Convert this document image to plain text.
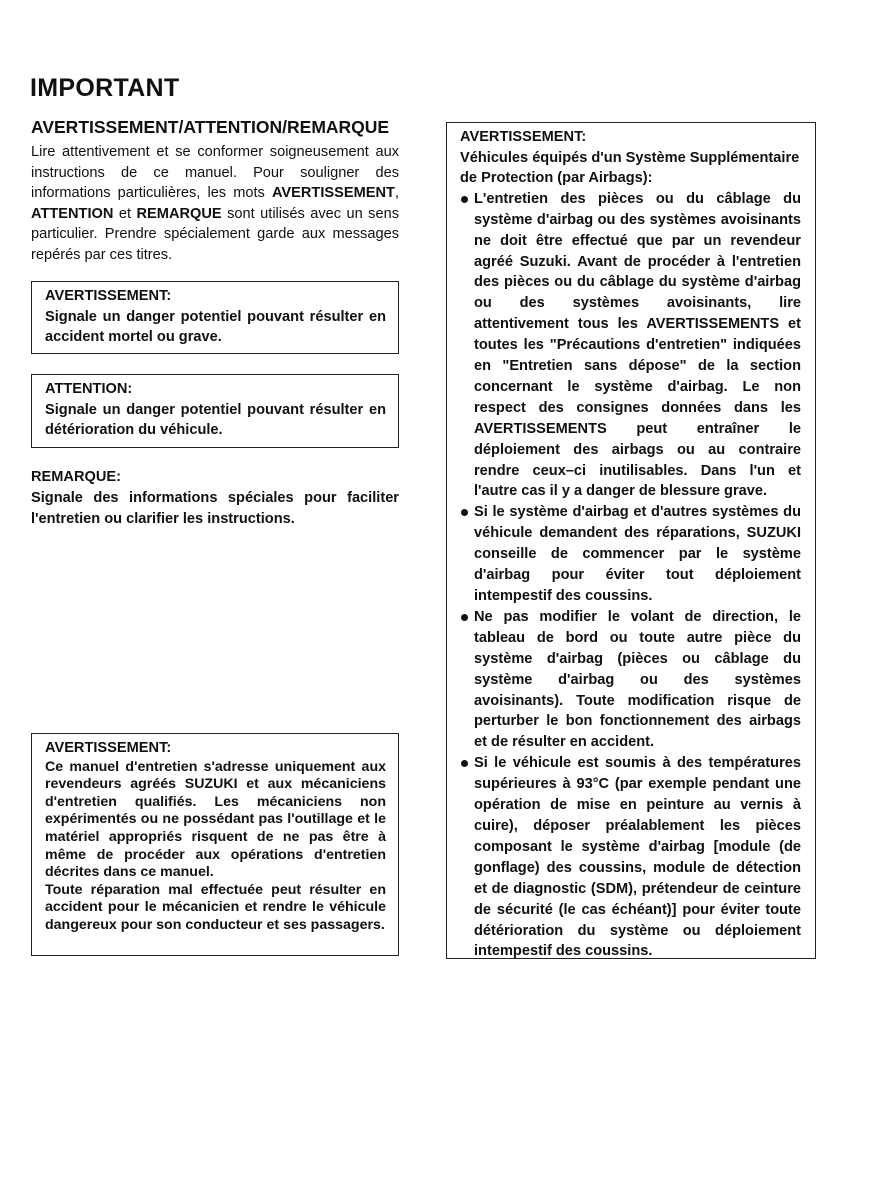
IMPORTANT
AVERTISSEMENT/ATTENTION/REMARQUE

Lire attentivement et se conformer soigneusement aux instructions de ce manuel. Pour souligner des informations particulières, les mots AVERTISSEMENT, ATTENTION et REMARQUE sont utilisés avec un sens particulier. Prendre spécialement garde aux messages repérés par ces titres.

AVERTISSEMENT:

Signale un danger potentiel pouvant résulter en accident mortel ou grave.

ATTENTION:

Signale un danger potentiel pouvant résulter en détérioration du véhicule.

REMARQUE:

Signale des informations spéciales pour faciliter l'entretien ou clarifier les instructions.

AVERTISSEMENT:

Ce manuel d'entretien s'adresse uniquement aux revendeurs agréés SUZUKI et aux mécaniciens d'entretien qualifiés. Les mécaniciens non expérimentés ou ne possédant pas l'outillage et le matériel appropriés risquent de ne pas être à même de procéder aux opérations d'entretien décrites dans ce manuel.

Toute réparation mal effectuée peut résulter en accident pour le mécanicien et rendre le véhicule dangereux pour son conducteur et ses passagers.

AVERTISSEMENT:

Véhicules équipés d'un Système Supplémentaire de Protection (par Airbags):

L'entretien des pièces ou du câblage du système d'airbag ou des systèmes avoisinants ne doit être effectué que par un revendeur agréé Suzuki. Avant de procéder à l'entretien des pièces ou du câblage du système d'airbag ou des systèmes avoisinants, lire attentivement tous les AVERTISSEMENTS et toutes les "Précautions d'entretien" indiquées en "Entretien sans dépose" de la section concernant le système d'airbag. Le non respect des consignes données dans les AVERTISSEMENTS peut entraîner le déploiement des airbags ou au contraire rendre ceux–ci inutilisables. Dans l'un et l'autre cas il y a danger de blessure grave.
Si le système d'airbag et d'autres systèmes du véhicule demandent des réparations, SUZUKI conseille de commencer par le système d'airbag pour éviter tout déploiement intempestif des coussins.
Ne pas modifier le volant de direction, le tableau de bord ou toute autre pièce du système d'airbag (pièces ou câblage du système d'airbag ou des systèmes avoisinants). Toute modification risque de perturber le bon fonctionnement des airbags et de résulter en accident.
Si le véhicule est soumis à des températures supérieures à 93°C (par exemple pendant une opération de mise en peinture au vernis à cuire), déposer préalablement les pièces composant le système d'airbag [module (de gonflage) des coussins, module de détection et de diagnostic (SDM), prétendeur de ceinture de sécurité (le cas échéant)] pour éviter toute détérioration du système ou déploiement intempestif des coussins.
